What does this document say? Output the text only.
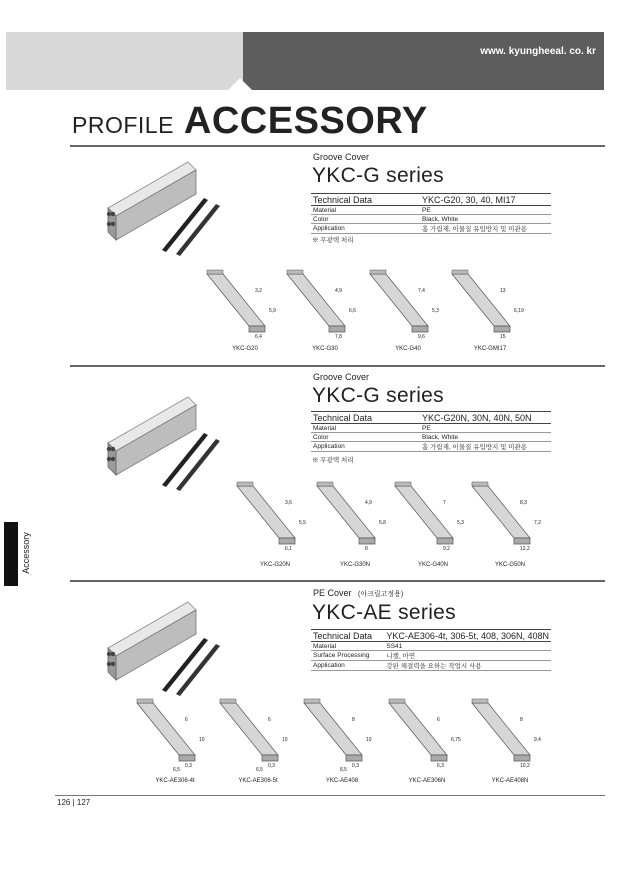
www. kyungheeal. co. kr
PROFILE ACCESSORY
Accessory
Groove Cover
YKC-G series
Technical Data	YKC-G20, 30, 40, MI17
Material	PE
Color	Black, White
Application	홈 가림재, 이물질 유입방지 및 미관용
※ 무광택 처리
3,2
5,9
6,4
YKC-G20
4,9
6,6
7,8
YKC-G30
7,4
5,3
9,6
YKC-G40
13
6,19
15
YKC-GMI17
Groove Cover
YKC-G series
Technical Data	YKC-G20N, 30N, 40N, 50N
Material	PE
Color	Black, White
Application	홈 가림재, 이물질 유입방지 및 미관용
※ 무광택 처리
3,6
5,5
6,1
YKC-G20N
4,9
5,8
8
YKC-G30N
7
5,3
9,2
YKC-G40N
8,3
7,2
12,2
YKC-G50N
PE Cover (아크릴고정용)
YKC-AE series
Technical Data	YKC-AE306-4t, 306-5t, 408, 306N, 408N
Material	SS41
Surface Processing	니켈, 아연
Application	강판 체결력을 요하는 작업시 사용
6
10
0,3
6,5
YKC-AE306-4t
6
10
0,3
6,5
YKC-AE306-5t
8
10
0,3
8,5
YKC-AE408
6
6,75
6,3
YKC-AE306N
8
9,4
10,2
YKC-AE408N
126 | 127
